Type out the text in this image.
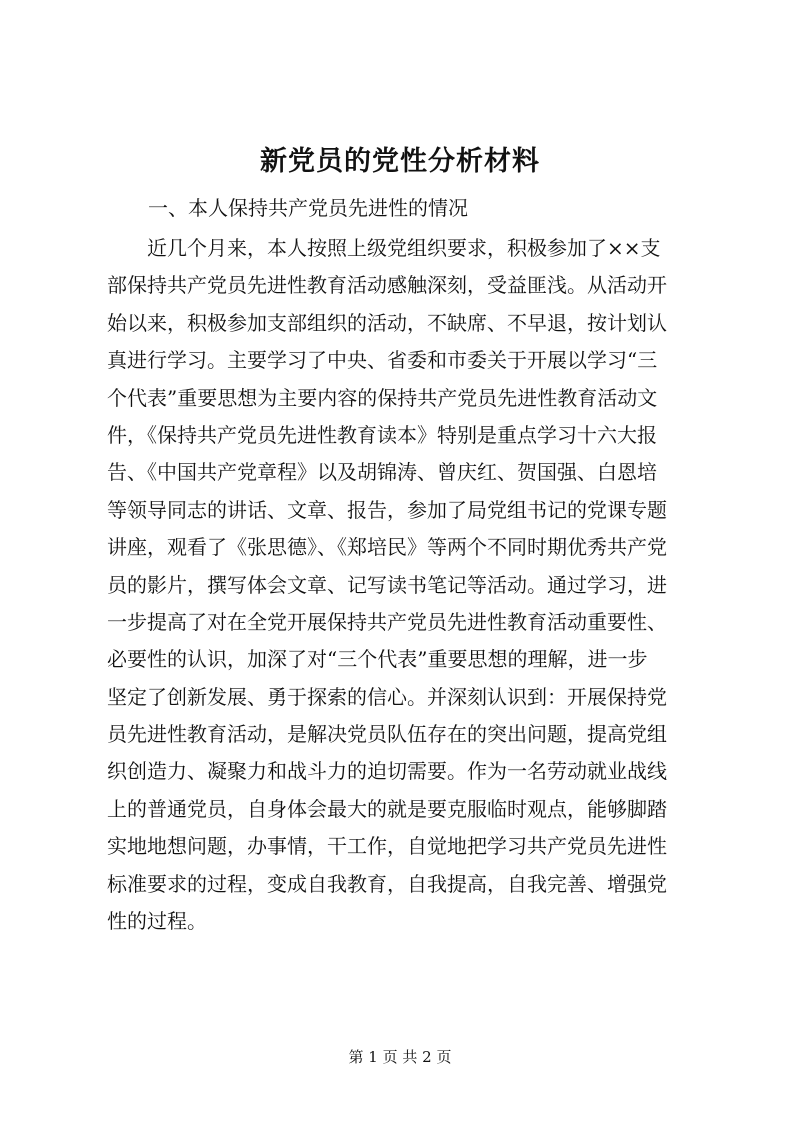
新党员的党性分析材料

一、本人保持共产党员先进性的情况

近几个月来，本人按照上级党组织要求，积极参加了××支
部保持共产党员先进性教育活动感触深刻，受益匪浅。从活动开
始以来，积极参加支部组织的活动，不缺席、不早退，按计划认
真进行学习。主要学习了中央、省委和市委关于开展以学习“三
个代表”重要思想为主要内容的保持共产党员先进性教育活动文
件，《保持共产党员先进性教育读本》特别是重点学习十六大报
告、《中国共产党章程》以及胡锦涛、曾庆红、贺国强、白恩培
等领导同志的讲话、文章、报告，参加了局党组书记的党课专题
讲座，观看了《张思德》、《郑培民》等两个不同时期优秀共产党
员的影片，撰写体会文章、记写读书笔记等活动。通过学习，进
一步提高了对在全党开展保持共产党员先进性教育活动重要性、
必要性的认识，加深了对“三个代表”重要思想的理解，进一步
坚定了创新发展、勇于探索的信心。并深刻认识到：开展保持党
员先进性教育活动，是解决党员队伍存在的突出问题，提高党组
织创造力、凝聚力和战斗力的迫切需要。作为一名劳动就业战线
上的普通党员，自身体会最大的就是要克服临时观点，能够脚踏
实地地想问题，办事情，干工作，自觉地把学习共产党员先进性
标准要求的过程，变成自我教育，自我提高，自我完善、增强党
性的过程。

第 1 页 共 2 页
